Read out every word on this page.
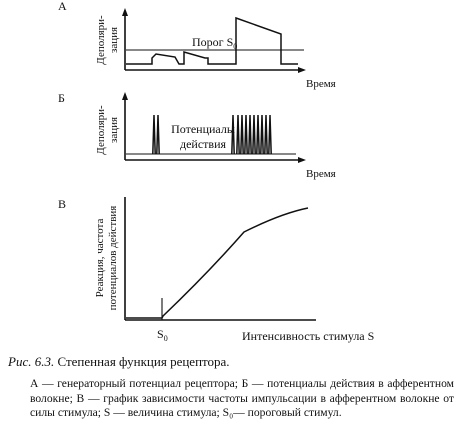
А
Деполяри- зация	Порог $S_0$
Время
Б
Деполяри- зация	Потенциалы
действия
Время
В
Реакция, частота потенциалов действия
$S_0$	Интенсивность стимула S
Рис. 6.3. Степенная функция рецептора.
А — генераторный потенциал рецептора; Б — потенциалы действия в афферентном волокне; В — график зависимости частоты импульсации в афферентном волокне от силы стимула; S — величина стимула; S₀— пороговый стимул.
